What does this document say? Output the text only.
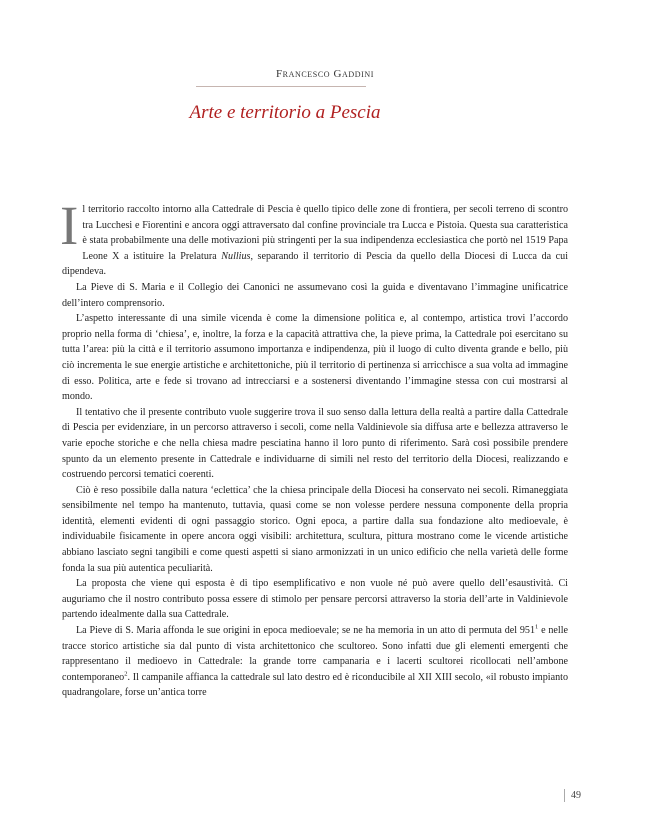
Francesco Gaddini
Arte e territorio a Pescia

Il territorio raccolto intorno alla Cattedrale di Pescia è quello tipico delle zone di frontiera, per secoli terreno di scontro tra Lucchesi e Fiorentini e ancora oggi attraversato dal confine provinciale tra Lucca e Pistoia. Questa sua caratteristica è stata probabilmente una delle motivazioni più stringenti per la sua indipendenza ecclesiastica che portò nel 1519 Papa Leone X a istituire la Prelatura Nullius, separando il territorio di Pescia da quello della Diocesi di Lucca da cui dipendeva.

La Pieve di S. Maria e il Collegio dei Canonici ne assumevano così la guida e diventavano l’immagine unificatrice dell’intero comprensorio.

L’aspetto interessante di una simile vicenda è come la dimensione politica e, al contempo, artistica trovi l’accordo proprio nella forma di ‘chiesa’, e, inoltre, la forza e la capacità attrattiva che, la pieve prima, la Cattedrale poi esercitano su tutta l’area: più la città e il territorio assumono importanza e indipendenza, più il luogo di culto diventa grande e bello, più ciò incrementa le sue energie artistiche e architettoniche, più il territorio di pertinenza si arricchisce a sua volta ad immagine di esso. Politica, arte e fede si trovano ad intrecciarsi e a sostenersi diventando l’immagine stessa con cui mostrarsi al mondo.

Il tentativo che il presente contributo vuole suggerire trova il suo senso dalla lettura della realtà a partire dalla Cattedrale di Pescia per evidenziare, in un percorso attraverso i secoli, come nella Valdinievole sia diffusa arte e bellezza attraverso le varie epoche storiche e che nella chiesa madre pesciatina hanno il loro punto di riferimento. Sarà così possibile prendere spunto da un elemento presente in Cattedrale e individuarne di simili nel resto del territorio della Diocesi, realizzando e costruendo percorsi tematici coerenti.

Ciò è reso possibile dalla natura ‘eclettica’ che la chiesa principale della Diocesi ha conservato nei secoli. Rimaneggiata sensibilmente nel tempo ha mantenuto, tuttavia, quasi come se non volesse perdere nessuna componente della propria identità, elementi evidenti di ogni passaggio storico. Ogni epoca, a partire dalla sua fondazione alto medioevale, è individuabile fisicamente in opere ancora oggi visibili: architettura, scultura, pittura mostrano come le vicende artistiche abbiano lasciato segni tangibili e come questi aspetti si siano armonizzati in un unico edificio che nella varietà delle forme fonda la sua più autentica peculiarità.

La proposta che viene qui esposta è di tipo esemplificativo e non vuole né può avere quello dell’esaustività. Ci auguriamo che il nostro contributo possa essere di stimolo per pensare percorsi attraverso la storia dell’arte in Valdinievole partendo idealmente dalla sua Cattedrale.

La Pieve di S. Maria affonda le sue origini in epoca medioevale; se ne ha memoria in un atto di permuta del $951^1$ e nelle tracce storico artistiche sia dal punto di vista architettonico che scultoreo. Sono infatti due gli elementi emergenti che rappresentano il medioevo in Cattedrale: la grande torre campanaria e i lacerti scultorei ricollocati nell’ambone contemporaneo$^2$. Il campanile affianca la cattedrale sul lato destro ed è riconducibile al XII XIII secolo, «il robusto impianto quadrangolare, forse un’antica torre

49
